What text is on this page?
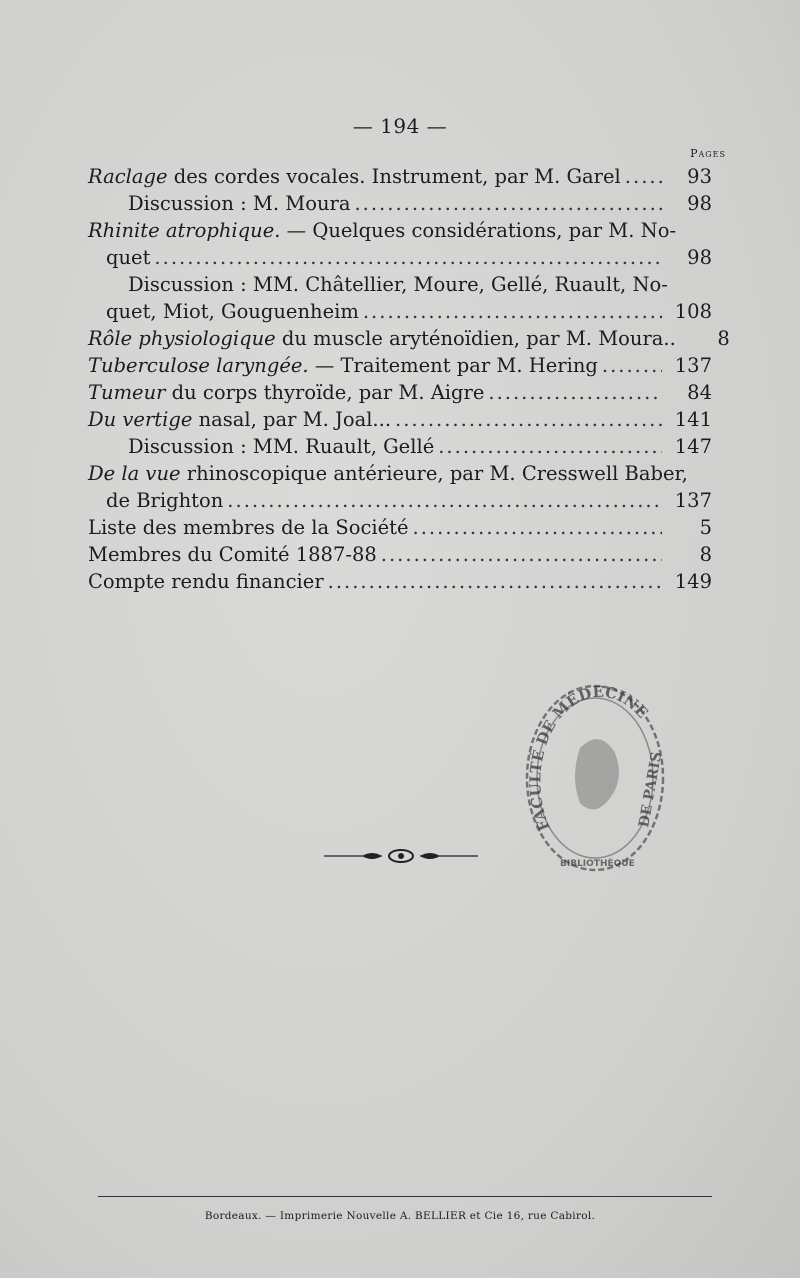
— 194 —
Pages
Raclage des cordes vocales. Instrument, par M. Garel .....	93
Discussion : M. Moura .....	98
Rhinite atrophique. — Quelques considérations, par M. No-
quet .....	98
Discussion : MM. Châtellier, Moure, Gellé, Ruault, No-
quet, Miot, Gouguenheim .....	108
Rôle physiologique du muscle aryténoïdien, par M. Moura..	8
Tuberculose laryngée. — Traitement par M. Hering .....	137
Tumeur du corps thyroïde, par M. Aigre .....	84
Du vertige nasal, par M. Joal... .....	141
Discussion : MM. Ruault, Gellé .....	147
De la vue rhinoscopique antérieure, par M. Cresswell Baber,
de Brighton .....	137
Liste des membres de la Société .....	5
Membres du Comité 1887-88 .....	8
Compte rendu financier .....	149
FACULTÉ DE MÉDECINE
DE PARIS
BIBLIOTHÈQUE
Bordeaux. — Imprimerie Nouvelle A. BELLIER et Cie 16, rue Cabirol.
